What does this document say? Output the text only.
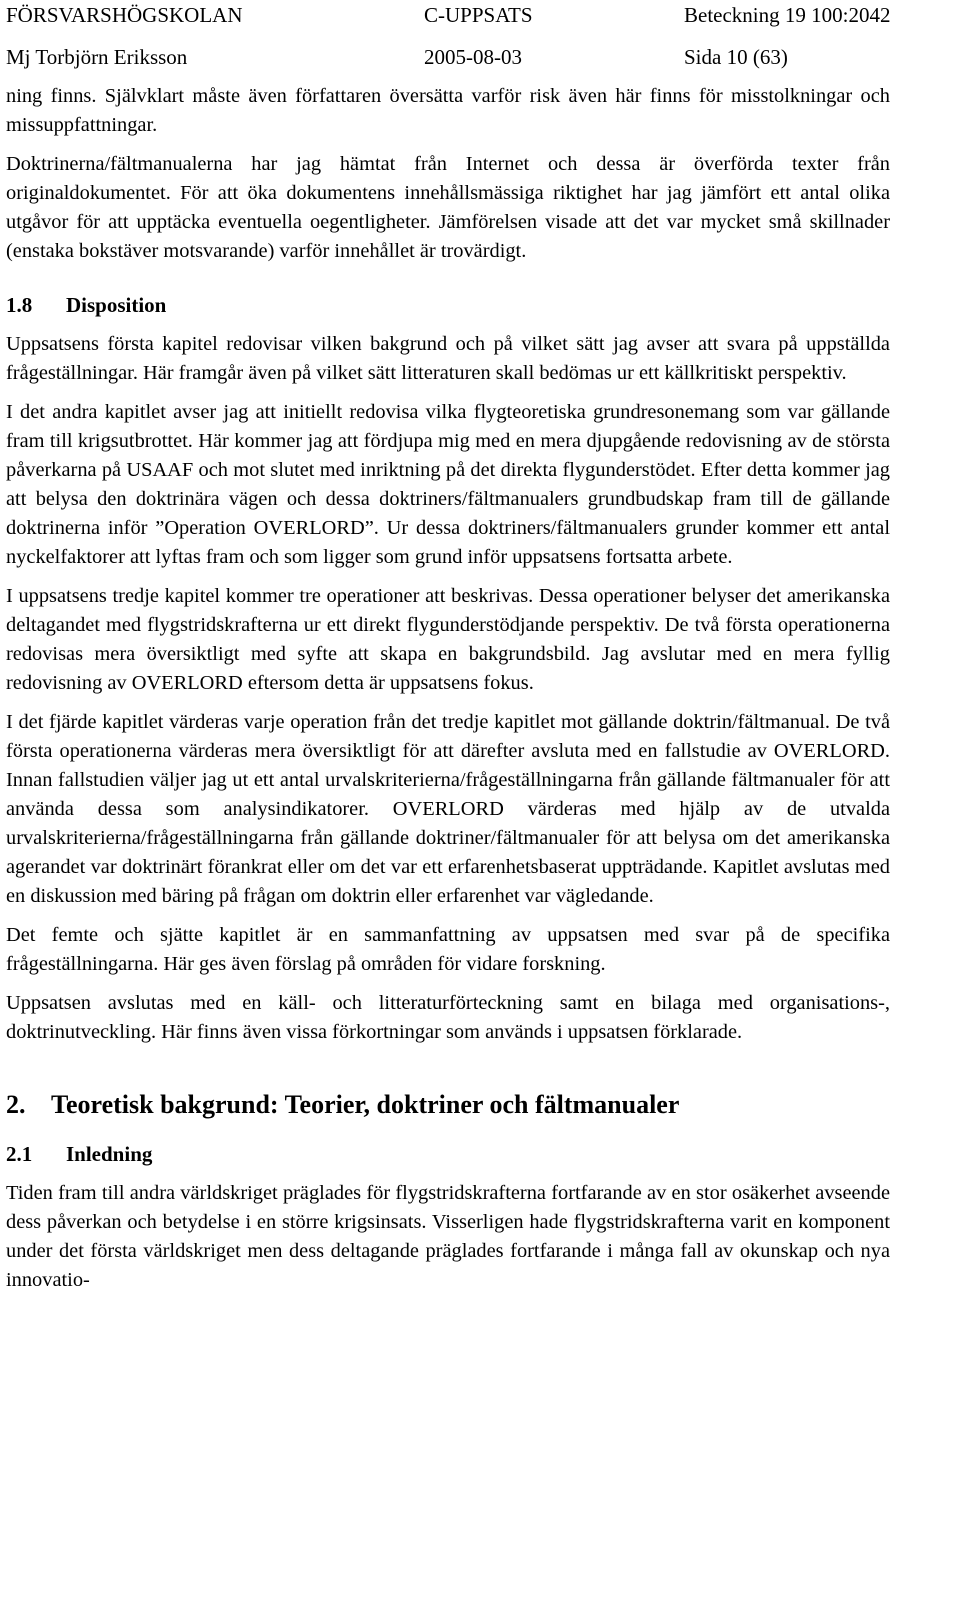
FÖRSVARSHÖGSKOLAN	C-UPPSATS	Beteckning 19 100:2042
Mj Torbjörn Eriksson	2005-08-03	Sida 10 (63)

ning finns. Självklart måste även författaren översätta varför risk även här finns för misstolkningar och missuppfattningar.

Doktrinerna/fältmanualerna har jag hämtat från Internet och dessa är överförda texter från originaldokumentet. För att öka dokumentens innehållsmässiga riktighet har jag jämfört ett antal olika utgåvor för att upptäcka eventuella oegentligheter. Jämförelsen visade att det var mycket små skillnader (enstaka bokstäver motsvarande) varför innehållet är trovärdigt.

1.8 Disposition

Uppsatsens första kapitel redovisar vilken bakgrund och på vilket sätt jag avser att svara på uppställda frågeställningar. Här framgår även på vilket sätt litteraturen skall bedömas ur ett källkritiskt perspektiv.

I det andra kapitlet avser jag att initiellt redovisa vilka flygteoretiska grundresonemang som var gällande fram till krigsutbrottet. Här kommer jag att fördjupa mig med en mera djupgående redovisning av de största påverkarna på USAAF och mot slutet med inriktning på det direkta flygunderstödet. Efter detta kommer jag att belysa den doktrinära vägen och dessa doktriners/fältmanualers grundbudskap fram till de gällande doktrinerna inför ”Operation OVERLORD”. Ur dessa doktriners/fältmanualers grunder kommer ett antal nyckelfaktorer att lyftas fram och som ligger som grund inför uppsatsens fortsatta arbete.

I uppsatsens tredje kapitel kommer tre operationer att beskrivas. Dessa operationer belyser det amerikanska deltagandet med flygstridskrafterna ur ett direkt flygunderstödjande perspektiv. De två första operationerna redovisas mera översiktligt med syfte att skapa en bakgrundsbild. Jag avslutar med en mera fyllig redovisning av OVERLORD eftersom detta är uppsatsens fokus.

I det fjärde kapitlet värderas varje operation från det tredje kapitlet mot gällande doktrin/fältmanual. De två första operationerna värderas mera översiktligt för att därefter avsluta med en fallstudie av OVERLORD. Innan fallstudien väljer jag ut ett antal urvalskriterierna/frågeställningarna från gällande fältmanualer för att använda dessa som analysindikatorer. OVERLORD värderas med hjälp av de utvalda urvalskriterierna/frågeställningarna från gällande doktriner/fältmanualer för att belysa om det amerikanska agerandet var doktrinärt förankrat eller om det var ett erfarenhetsbaserat uppträdande. Kapitlet avslutas med en diskussion med bäring på frågan om doktrin eller erfarenhet var vägledande.

Det femte och sjätte kapitlet är en sammanfattning av uppsatsen med svar på de specifika frågeställningarna. Här ges även förslag på områden för vidare forskning.

Uppsatsen avslutas med en käll- och litteraturförteckning samt en bilaga med organisations-, doktrinutveckling. Här finns även vissa förkortningar som används i uppsatsen förklarade.

2. Teoretisk bakgrund: Teorier, doktriner och fältmanualer
2.1 Inledning

Tiden fram till andra världskriget präglades för flygstridskrafterna fortfarande av en stor osäkerhet avseende dess påverkan och betydelse i en större krigsinsats. Visserligen hade flygstridskrafterna varit en komponent under det första världskriget men dess deltagande präglades fortfarande i många fall av okunskap och nya innovatio-
